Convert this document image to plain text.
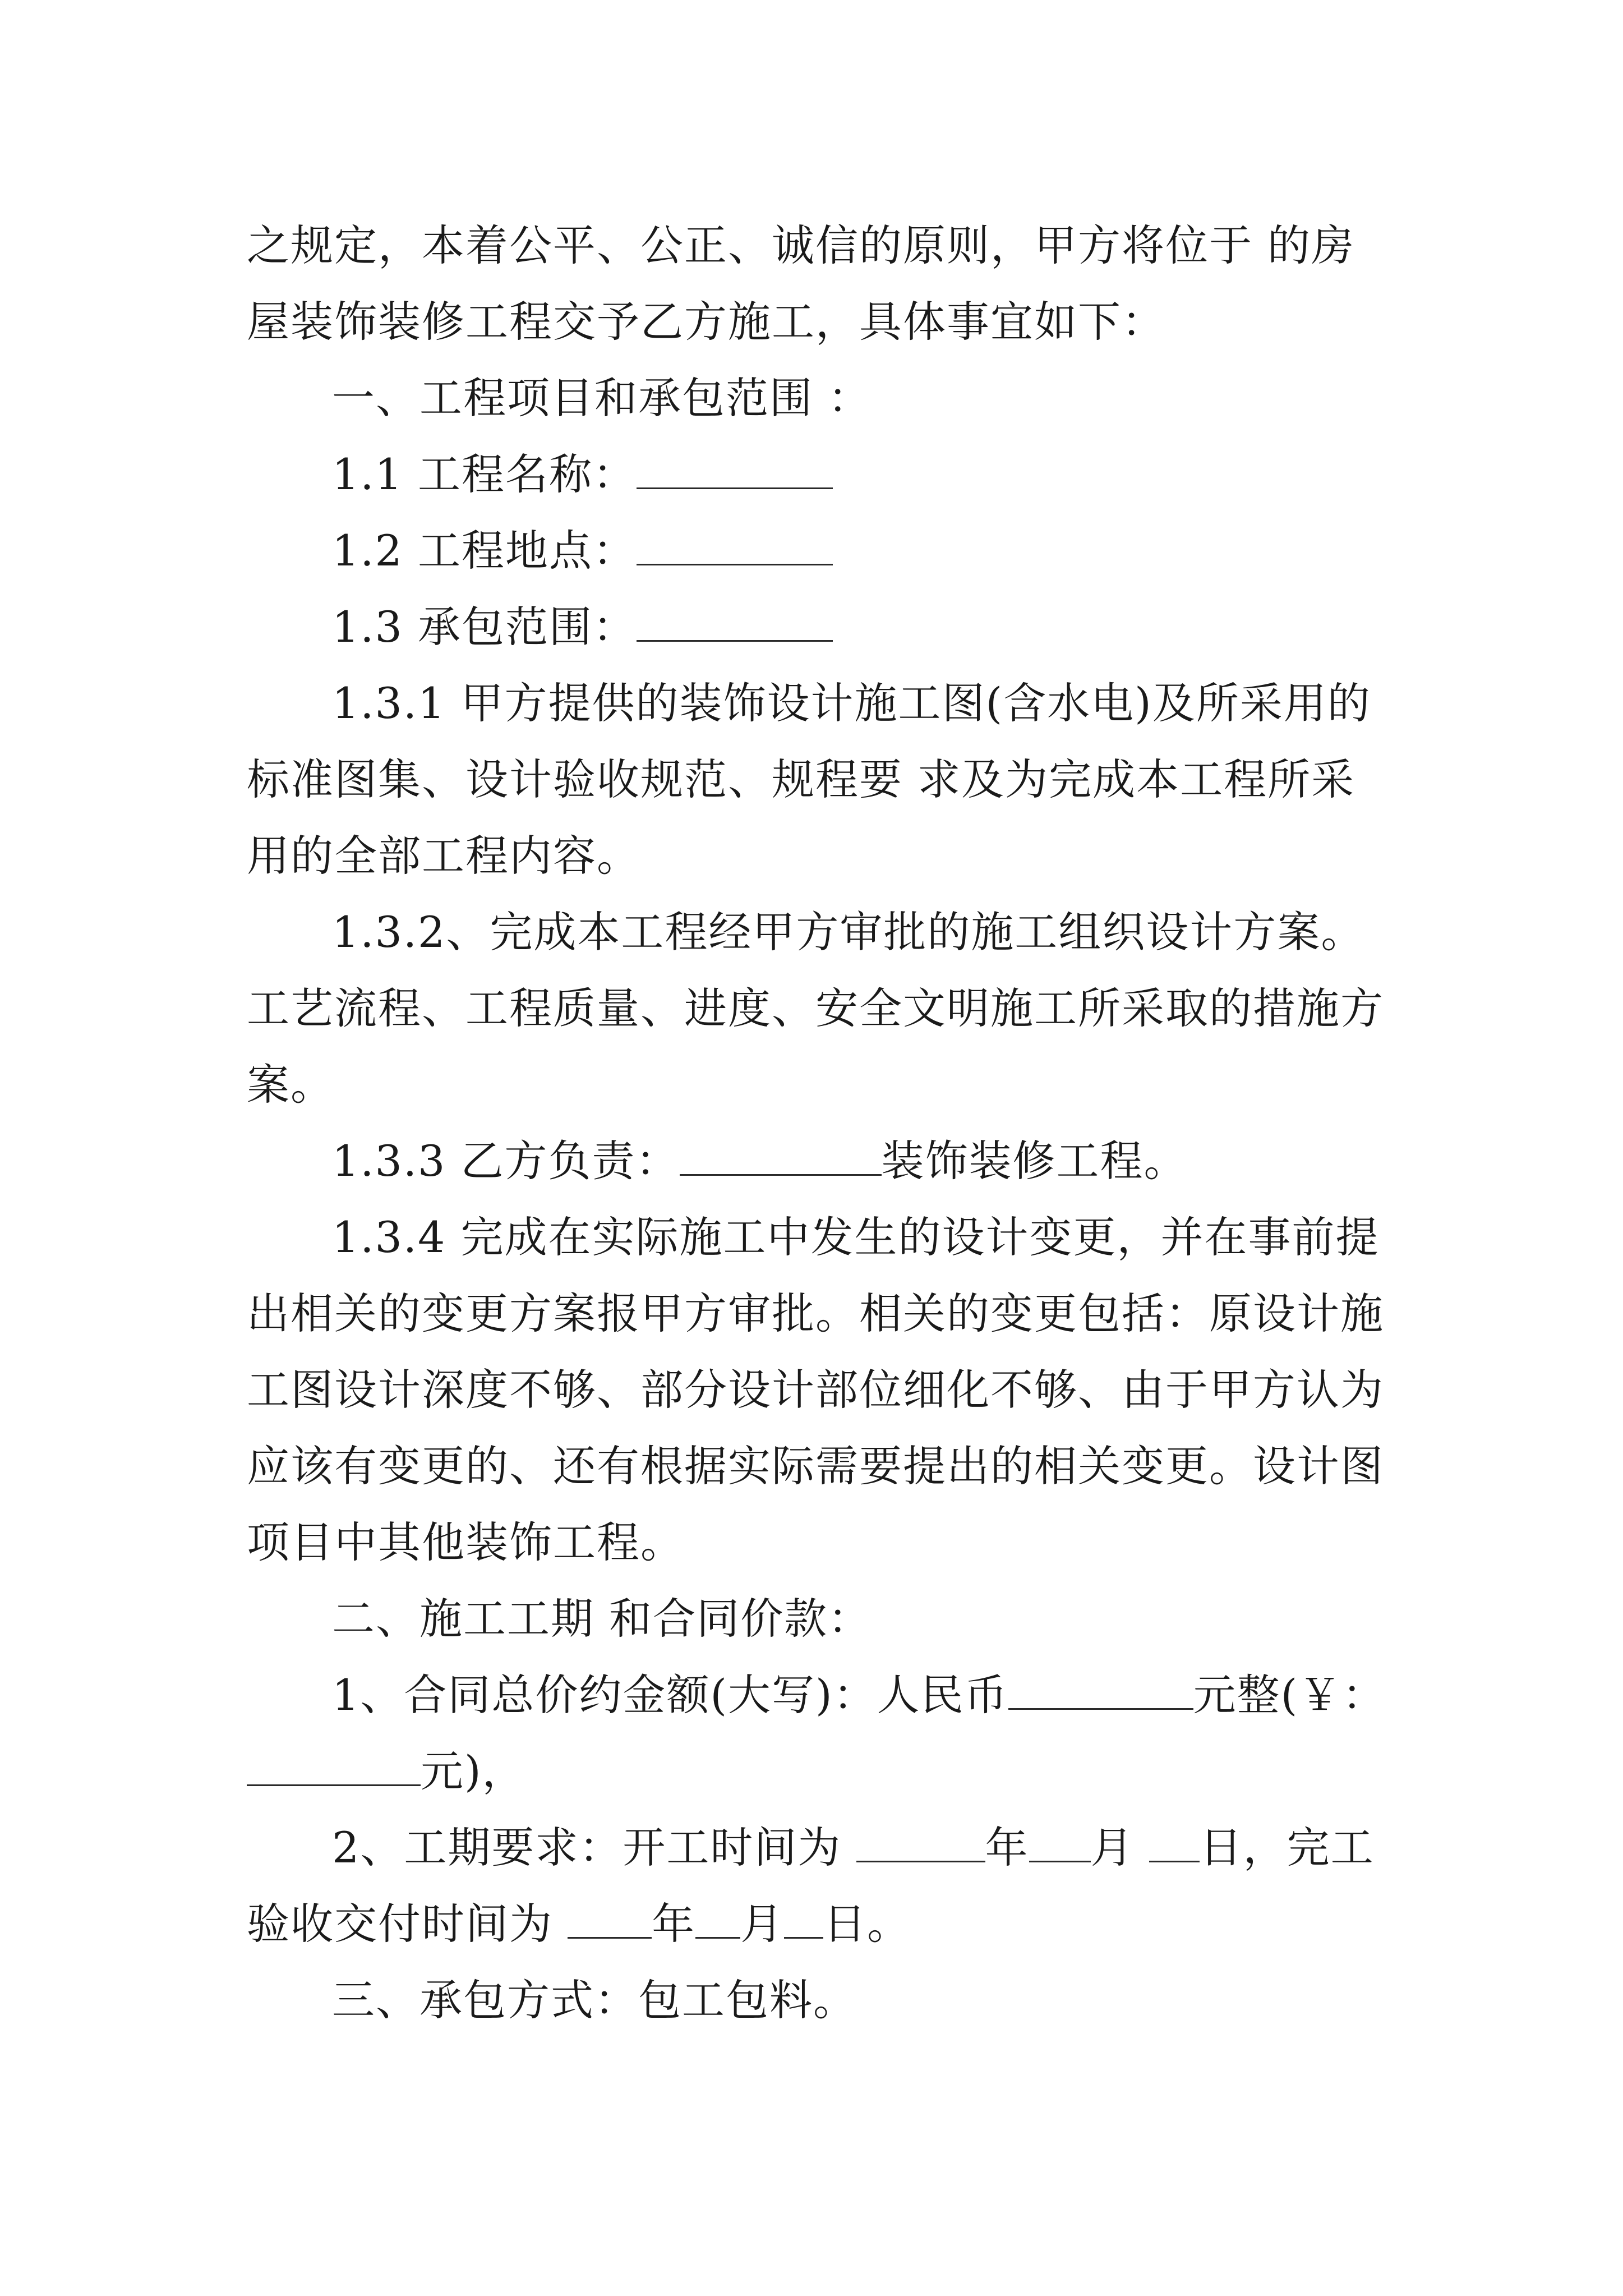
之规定，本着公平、公正、诚信的原则，甲方将位于 的房

屋装饰装修工程交予乙方施工，具体事宜如下：

一、工程项目和承包范围 ：

1.1 工程名称：

1.2 工程地点：

1.3 承包范围：

1.3.1 甲方提供的装饰设计施工图(含水电)及所采用的

标准图集、设计验收规范、规程要 求及为完成本工程所采

用的全部工程内容。

1.3.2、完成本工程经甲方审批的施工组织设计方案。

工艺流程、工程质量、进度、安全文明施工所采取的措施方

案。

1.3.3 乙方负责：	装饰装修工程。

1.3.4 完成在实际施工中发生的设计变更，并在事前提

出相关的变更方案报甲方审批。相关的变更包括：原设计施

工图设计深度不够、部分设计部位细化不够、由于甲方认为

应该有变更的、还有根据实际需要提出的相关变更。设计图

项目中其他装饰工程。

二、施工工期 和合同价款：

1、合同总价约金额(大写)：人民币	元整(￥：

元)，

2、工期要求：开工时间为	年 月 日，完工

验收交付时间为 年 月 日。

三、承包方式：包工包料。
